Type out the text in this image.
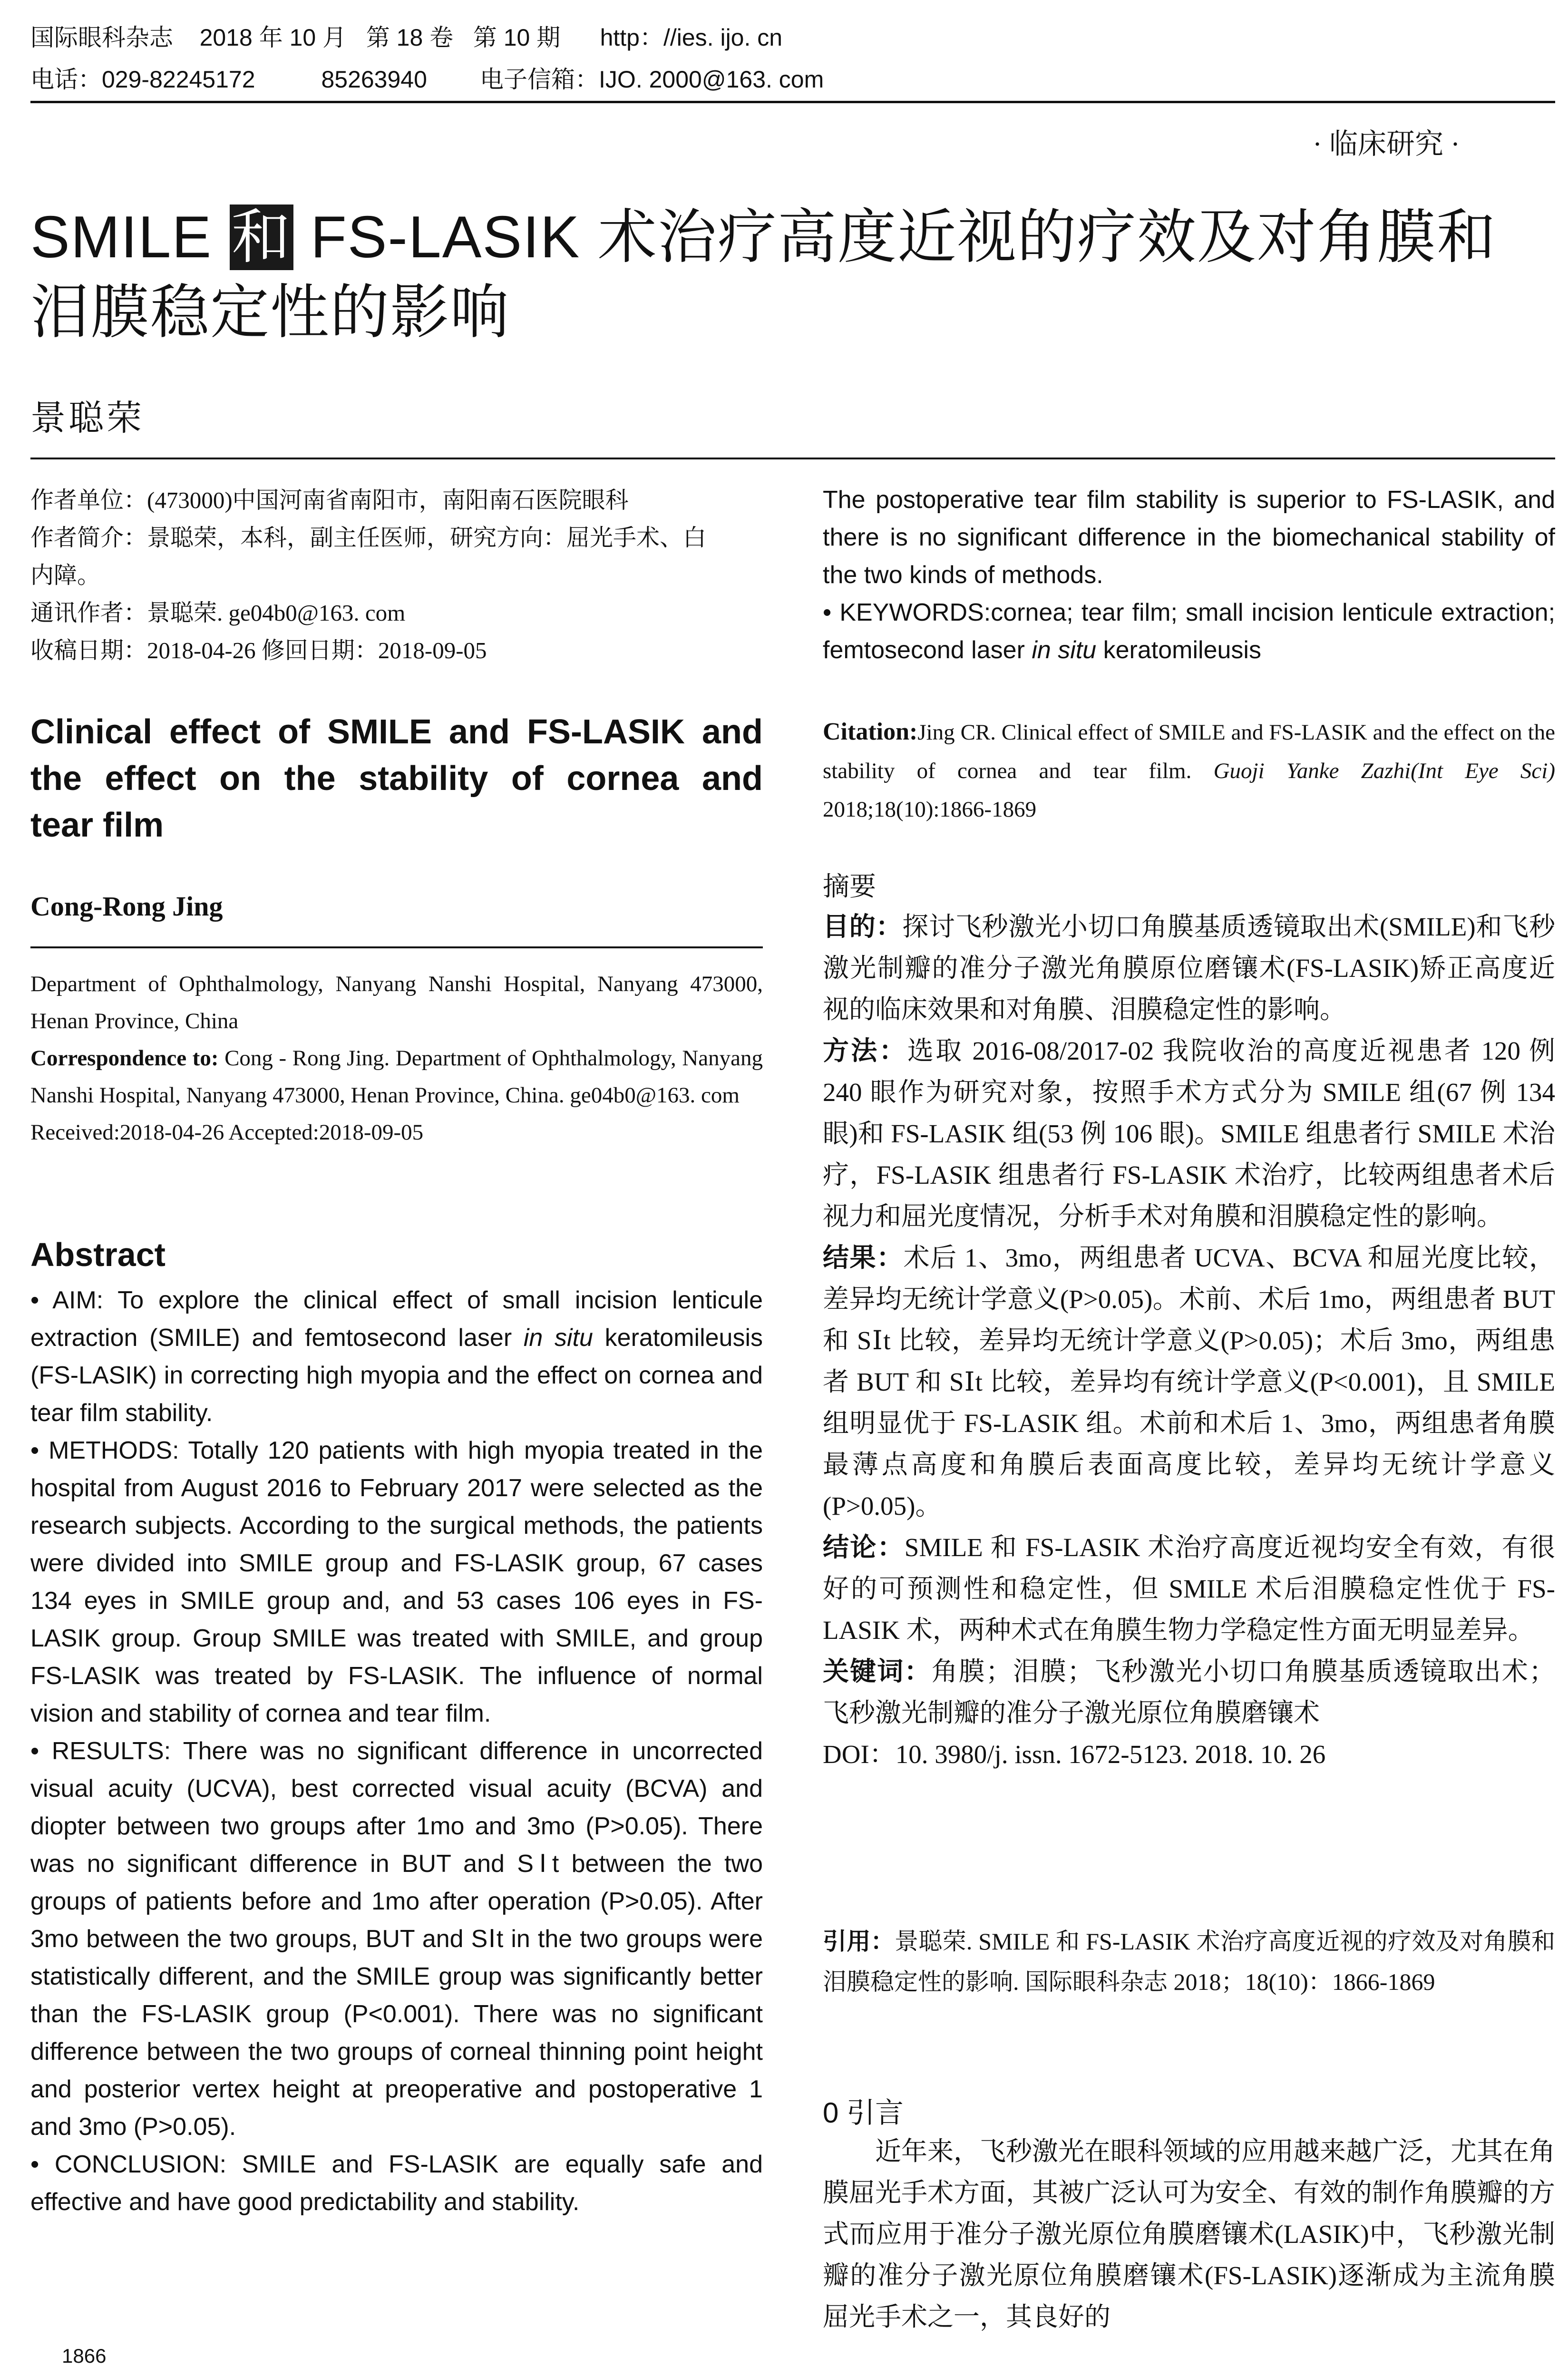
国际眼科杂志    2018 年 10 月   第 18 卷   第 10 期      http：//ies. ijo. cn
电话：029-82245172          85263940        电子信箱：IJO. 2000@163. com
· 临床研究 ·
SMILE 和 FS-LASIK 术治疗高度近视的疗效及对角膜和
泪膜稳定性的影响
景聪荣

作者单位：(473000)中国河南省南阳市，南阳南石医院眼科

作者简介：景聪荣，本科，副主任医师，研究方向：屈光手术、白

内障。

通讯作者：景聪荣. ge04b0@163. com

收稿日期：2018-04-26 修回日期：2018-09-05

Clinical effect of SMILE and FS-LASIK and
the effect on the stability of cornea and
tear film
Cong-Rong Jing

Department of Ophthalmology, Nanyang Nanshi Hospital, Nanyang 473000, Henan Province, China

Correspondence to: Cong - Rong Jing. Department of Ophthalmology, Nanyang Nanshi Hospital, Nanyang 473000, Henan Province, China. ge04b0@163. com

Received:2018-04-26 Accepted:2018-09-05

Abstract

• AIM: To explore the clinical effect of small incision lenticule extraction (SMILE) and femtosecond laser in situ keratomileusis (FS-LASIK) in correcting high myopia and the effect on cornea and tear film stability.

• METHODS: Totally 120 patients with high myopia treated in the hospital from August 2016 to February 2017 were selected as the research subjects. According to the surgical methods, the patients were divided into SMILE group and FS-LASIK group, 67 cases 134 eyes in SMILE group and, and 53 cases 106 eyes in FS-LASIK group. Group SMILE was treated with SMILE, and group FS-LASIK was treated by FS-LASIK. The influence of normal vision and stability of cornea and tear film.

• RESULTS: There was no significant difference in uncorrected visual acuity (UCVA), best corrected visual acuity (BCVA) and diopter between two groups after 1mo and 3mo (P>0.05). There was no significant difference in BUT and SⅠt between the two groups of patients before and 1mo after operation (P>0.05). After 3mo between the two groups, BUT and SⅠt in the two groups were statistically different, and the SMILE group was significantly better than the FS-LASIK group (P<0.001). There was no significant difference between the two groups of corneal thinning point height and posterior vertex height at preoperative and postoperative 1 and 3mo (P>0.05).

• CONCLUSION: SMILE and FS-LASIK are equally safe and effective and have good predictability and stability.

1866

The postoperative tear film stability is superior to FS-LASIK, and there is no significant difference in the biomechanical stability of the two kinds of methods.

• KEYWORDS:cornea; tear film; small incision lenticule extraction; femtosecond laser in situ keratomileusis

Citation:Jing CR. Clinical effect of SMILE and FS-LASIK and the effect on the stability of cornea and tear film. Guoji Yanke Zazhi(Int Eye Sci) 2018;18(10):1866-1869

摘要

目的：探讨飞秒激光小切口角膜基质透镜取出术(SMILE)和飞秒激光制瓣的准分子激光角膜原位磨镶术(FS-LASIK)矫正高度近视的临床效果和对角膜、泪膜稳定性的影响。

方法：选取 2016-08/2017-02 我院收治的高度近视患者 120 例 240 眼作为研究对象，按照手术方式分为 SMILE 组(67 例 134 眼)和 FS-LASIK 组(53 例 106 眼)。SMILE 组患者行 SMILE 术治疗，FS-LASIK 组患者行 FS-LASIK 术治疗，比较两组患者术后视力和屈光度情况，分析手术对角膜和泪膜稳定性的影响。

结果：术后 1、3mo，两组患者 UCVA、BCVA 和屈光度比较，差异均无统计学意义(P>0.05)。术前、术后 1mo，两组患者 BUT 和 SⅠt 比较，差异均无统计学意义(P>0.05)；术后 3mo，两组患者 BUT 和 SⅠt 比较，差异均有统计学意义(P<0.001)，且 SMILE 组明显优于 FS-LASIK 组。术前和术后 1、3mo，两组患者角膜最薄点高度和角膜后表面高度比较，差异均无统计学意义(P>0.05)。

结论：SMILE 和 FS-LASIK 术治疗高度近视均安全有效，有很好的可预测性和稳定性，但 SMILE 术后泪膜稳定性优于 FS-LASIK 术，两种术式在角膜生物力学稳定性方面无明显差异。

关键词：角膜；泪膜；飞秒激光小切口角膜基质透镜取出术；飞秒激光制瓣的准分子激光原位角膜磨镶术

DOI：10. 3980/j. issn. 1672-5123. 2018. 10. 26

引用：景聪荣. SMILE 和 FS-LASIK 术治疗高度近视的疗效及对角膜和泪膜稳定性的影响. 国际眼科杂志 2018；18(10)：1866-1869

0 引言

近年来，飞秒激光在眼科领域的应用越来越广泛，尤其在角膜屈光手术方面，其被广泛认可为安全、有效的制作角膜瓣的方式而应用于准分子激光原位角膜磨镶术(LASIK)中，飞秒激光制瓣的准分子激光原位角膜磨镶术(FS-LASIK)逐渐成为主流角膜屈光手术之一，其良好的
